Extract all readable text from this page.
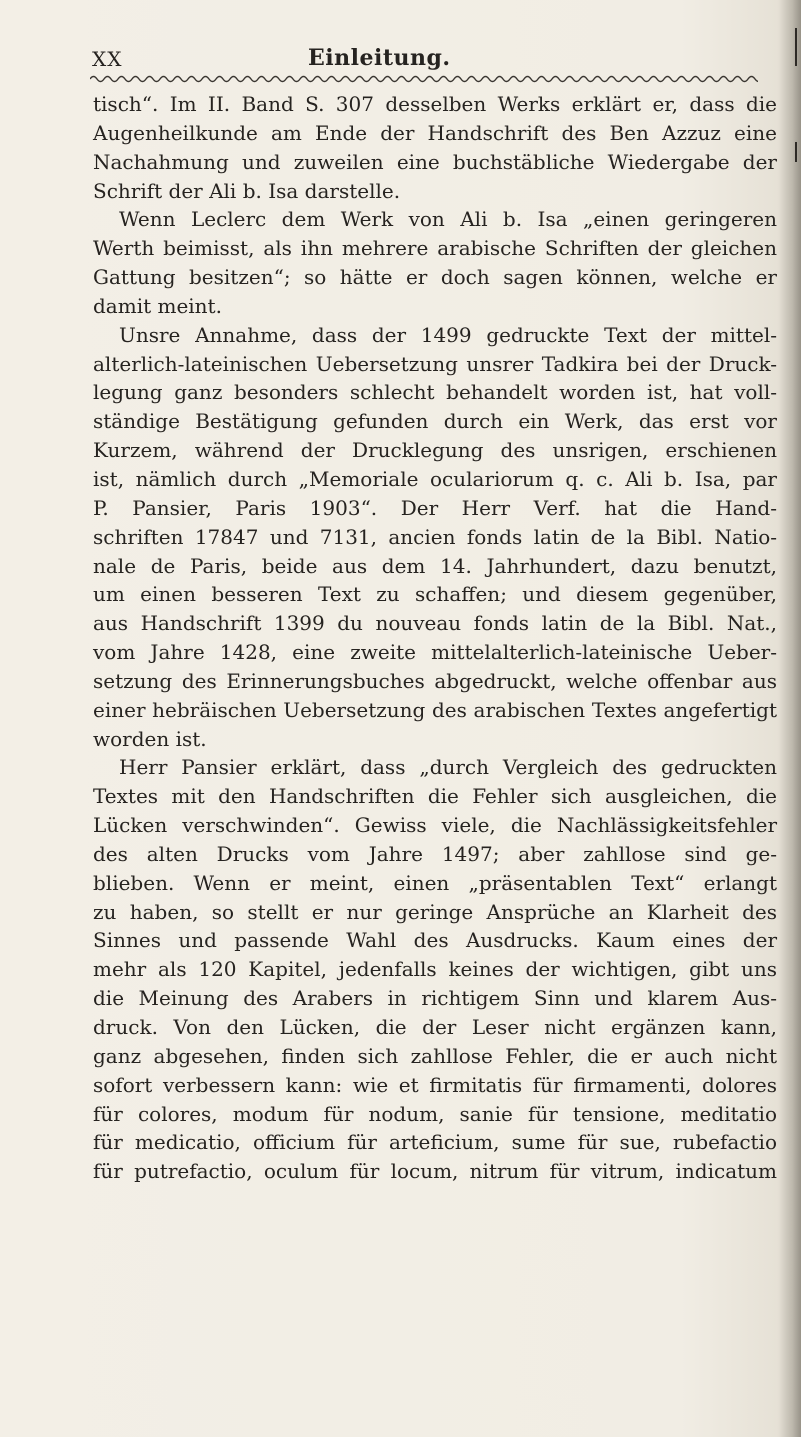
XX	Einleitung.
tisch“. Im II. Band S. 307 desselben Werks erklärt er, dass die
Augenheilkunde am Ende der Handschrift des Ben Azzuz eine
Nachahmung und zuweilen eine buchstäbliche Wiedergabe der
Schrift der Ali b. Isa darstelle.
Wenn Leclerc dem Werk von Ali b. Isa „einen geringeren
Werth beimisst, als ihn mehrere arabische Schriften der gleichen
Gattung besitzen“; so hätte er doch sagen können, welche er
damit meint.
Unsre Annahme, dass der 1499 gedruckte Text der mittel-
alterlich-lateinischen Uebersetzung unsrer Tadkira bei der Druck-
legung ganz besonders schlecht behandelt worden ist, hat voll-
ständige Bestätigung gefunden durch ein Werk, das erst vor
Kurzem, während der Drucklegung des unsrigen, erschienen
ist, nämlich durch „Memoriale oculariorum q. c. Ali b. Isa, par
P. Pansier, Paris 1903“. Der Herr Verf. hat die Hand-
schriften 17847 und 7131, ancien fonds latin de la Bibl. Natio-
nale de Paris, beide aus dem 14. Jahrhundert, dazu benutzt,
um einen besseren Text zu schaffen; und diesem gegenüber,
aus Handschrift 1399 du nouveau fonds latin de la Bibl. Nat.,
vom Jahre 1428, eine zweite mittelalterlich-lateinische Ueber-
setzung des Erinnerungsbuches abgedruckt, welche offenbar aus
einer hebräischen Uebersetzung des arabischen Textes angefertigt
worden ist.
Herr Pansier erklärt, dass „durch Vergleich des gedruckten
Textes mit den Handschriften die Fehler sich ausgleichen, die
Lücken verschwinden“. Gewiss viele, die Nachlässigkeitsfehler
des alten Drucks vom Jahre 1497; aber zahllose sind ge-
blieben. Wenn er meint, einen „präsentablen Text“ erlangt
zu haben, so stellt er nur geringe Ansprüche an Klarheit des
Sinnes und passende Wahl des Ausdrucks. Kaum eines der
mehr als 120 Kapitel, jedenfalls keines der wichtigen, gibt uns
die Meinung des Arabers in richtigem Sinn und klarem Aus-
druck. Von den Lücken, die der Leser nicht ergänzen kann,
ganz abgesehen, finden sich zahllose Fehler, die er auch nicht
sofort verbessern kann: wie et firmitatis für firmamenti, dolores
für colores, modum für nodum, sanie für tensione, meditatio
für medicatio, officium für arteficium, sume für sue, rubefactio
für putrefactio, oculum für locum, nitrum für vitrum, indicatum
